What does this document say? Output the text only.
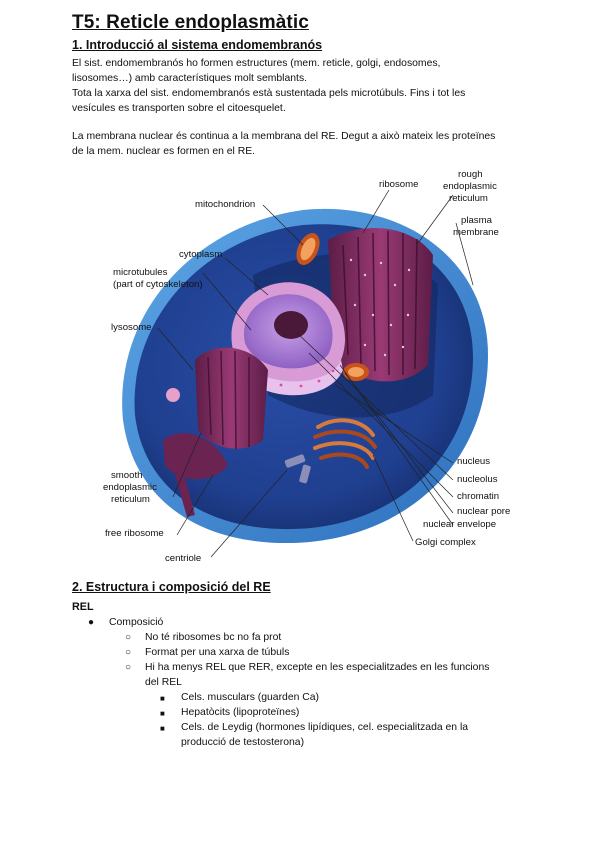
T5: Reticle endoplasmàtic
1. Introducció al sistema endomembranós

El sist. endomembranós ho formen estructures (mem. reticle, golgi, endosomes,

lisosomes…) amb característiques molt semblants.

Tota la xarxa del sist. endomembranós està sustentada pels microtúbuls. Fins i tot les

vesícules es transporten sobre el citoesquelet.

La membrana nuclear és continua a la membrana del RE. Degut a això mateix les proteïnes

de la mem. nuclear es formen en el RE.

ribosome
rough
endoplasmic
reticulum
mitochondrion
plasma
membrane
cytoplasm
microtubules
(part of cytoskeleton)
lysosome
nucleus
nucleolus
chromatin
nuclear pore
nuclear envelope
smooth
endoplasmic
reticulum
free ribosome
Golgi complex
centriole
2. Estructura i composició del RE
REL
● Composició
○ No té ribosomes bc no fa prot
○ Format per una xarxa de túbuls
○ Hi ha menys REL que RER, excepte en les especialitzades en les funcions
del REL
■ Cels. musculars (guarden Ca)
■ Hepatòcits (lipoproteïnes)
■ Cels. de Leydig (hormones lipídiques, cel. especialitzada en la
producció de testosterona)
